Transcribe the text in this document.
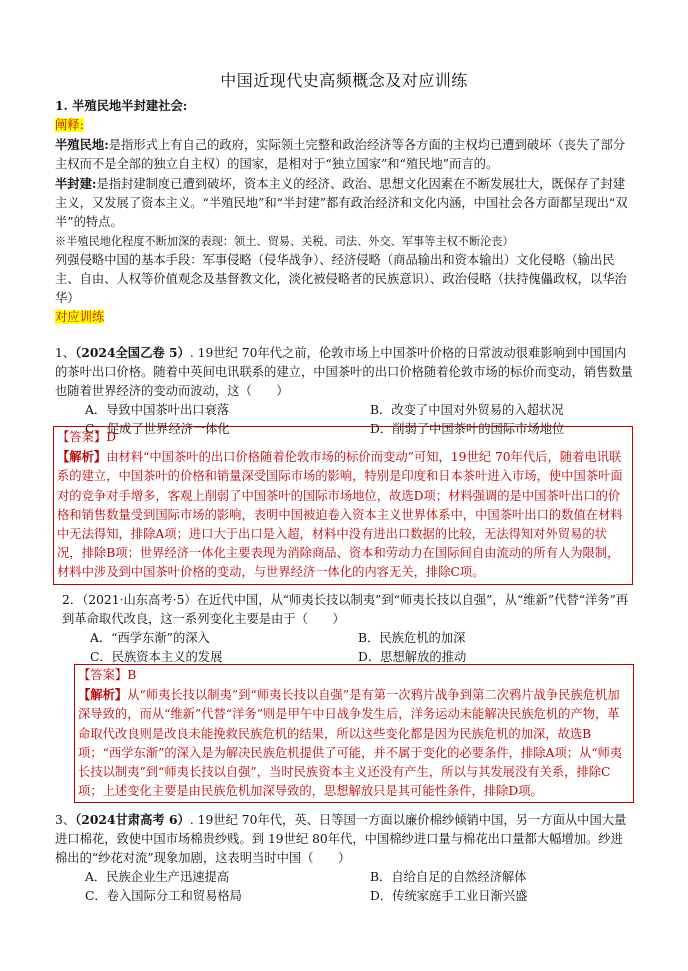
中国近现代史高频概念及对应训练

1. 半殖民地半封建社会:

阐释:

半殖民地:是指形式上有自己的政府，实际领土完整和政治经济等各方面的主权均已遭到破坏（丧失了部分主权而不是全部的独立自主权）的国家，是相对于“独立国家”和“殖民地”而言的。

半封建:是指封建制度已遭到破坏，资本主义的经济、政治、思想文化因素在不断发展壮大，既保存了封建主义，又发展了资本主义。“半殖民地”和“半封建”都有政治经济和文化内涵，中国社会各方面都呈现出“双半”的特点。

※半殖民地化程度不断加深的表现：领土、贸易、关税、司法、外交、军事等主权不断沦丧）

列强侵略中国的基本手段：军事侵略（侵华战争）、经济侵略（商品输出和资本输出）文化侵略（输出民主、自由、人权等价值观念及基督教文化，淡化被侵略者的民族意识）、政治侵略（扶持傀儡政权，以华治华）

对应训练

1、（2024全国乙卷 5）. 19世纪 70年代之前，伦敦市场上中国茶叶价格的日常波动很难影响到中国国内的茶叶出口价格。随着中英间电讯联系的建立，中国茶叶的出口价格随着伦敦市场的标价而变动，销售数量也随着世界经济的变动而波动，这（　　）

A．导致中国茶叶出口衰落	B．改变了中国对外贸易的入超状况
C．促成了世界经济一体化	D．削弱了中国茶叶的国际市场地位

【答案】D

【解析】由材料“中国茶叶的出口价格随着伦敦市场的标价而变动”可知，19世纪 70年代后，随着电讯联系的建立，中国茶叶的价格和销量深受国际市场的影响，特别是印度和日本茶叶进入市场，使中国茶叶面对的竞争对手增多，客观上削弱了中国茶叶的国际市场地位，故选D项；材料强调的是中国茶叶出口的价格和销售数量受到国际市场的影响，表明中国被迫卷入资本主义世界体系中，中国茶叶出口的数值在材料中无法得知，排除A项；进口大于出口是入超，材料中没有进出口数据的比较，无法得知对外贸易的状况，排除B项；世界经济一体化主要表现为消除商品、资本和劳动力在国际间自由流动的所有人为限制，材料中涉及到中国茶叶价格的变动，与世界经济一体化的内容无关，排除C项。

2．（2021·山东高考·5）在近代中国，从“师夷长技以制夷”到“师夷长技以自强”，从“维新”代替“洋务”再到革命取代改良，这一系列变化主要是由于（　　）

A．“西学东渐”的深入	B．民族危机的加深
C．民族资本主义的发展	D．思想解放的推动

【答案】B

【解析】从“师夷长技以制夷”到“师夷长技以自强”是有第一次鸦片战争到第二次鸦片战争民族危机加深导致的，而从“维新”代替“洋务”则是甲午中日战争发生后，洋务运动未能解决民族危机的产物，革命取代改良则是改良未能挽救民族危机的结果，所以这些变化都是因为民族危机的加深，故选B项；“西学东渐”的深入是为解决民族危机提供了可能，并不属于变化的必要条件，排除A项；从“师夷长技以制夷”到“师夷长技以自强”，当时民族资本主义还没有产生，所以与其发展没有关系，排除C项；上述变化主要是由民族危机加深导致的，思想解放只是其可能性条件，排除D项。

3、（2024甘肃高考 6）. 19世纪 70年代，英、日等国一方面以廉价棉纱倾销中国，另一方面从中国大量进口棉花，致使中国市场棉贵纱贱。到 19世纪 80年代，中国棉纱进口量与棉花出口量都大幅增加。纱进棉出的“纱花对流”现象加剧，这表明当时中国（　　）

A．民族企业生产迅速提高	B．自给自足的自然经济解体
C．卷入国际分工和贸易格局	D．传统家庭手工业日渐兴盛
